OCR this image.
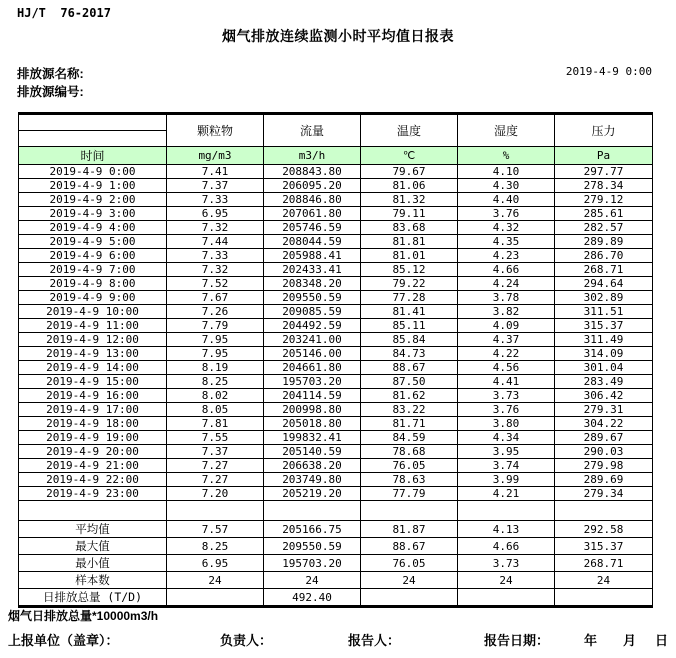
HJ/T  76-2017
烟气排放连续监测小时平均值日报表
排放源名称:
排放源编号:
2019-4-9 0:00
	颗粒物	流量	温度	湿度	压力

时间	mg/m3	m3/h	℃	%	Pa
2019-4-9 0:00	7.41	208843.80	79.67	4.10	297.77
2019-4-9 1:00	7.37	206095.20	81.06	4.30	278.34
2019-4-9 2:00	7.33	208846.80	81.32	4.40	279.12
2019-4-9 3:00	6.95	207061.80	79.11	3.76	285.61
2019-4-9 4:00	7.32	205746.59	83.68	4.32	282.57
2019-4-9 5:00	7.44	208044.59	81.81	4.35	289.89
2019-4-9 6:00	7.33	205988.41	81.01	4.23	286.70
2019-4-9 7:00	7.32	202433.41	85.12	4.66	268.71
2019-4-9 8:00	7.52	208348.20	79.22	4.24	294.64
2019-4-9 9:00	7.67	209550.59	77.28	3.78	302.89
2019-4-9 10:00	7.26	209085.59	81.41	3.82	311.51
2019-4-9 11:00	7.79	204492.59	85.11	4.09	315.37
2019-4-9 12:00	7.95	203241.00	85.84	4.37	311.49
2019-4-9 13:00	7.95	205146.00	84.73	4.22	314.09
2019-4-9 14:00	8.19	204661.80	88.67	4.56	301.04
2019-4-9 15:00	8.25	195703.20	87.50	4.41	283.49
2019-4-9 16:00	8.02	204114.59	81.62	3.73	306.42
2019-4-9 17:00	8.05	200998.80	83.22	3.76	279.31
2019-4-9 18:00	7.81	205018.80	81.71	3.80	304.22
2019-4-9 19:00	7.55	199832.41	84.59	4.34	289.67
2019-4-9 20:00	7.37	205140.59	78.68	3.95	290.03
2019-4-9 21:00	7.27	206638.20	76.05	3.74	279.98
2019-4-9 22:00	7.27	203749.80	78.63	3.99	289.69
2019-4-9 23:00	7.20	205219.20	77.79	4.21	279.34

平均值	7.57	205166.75	81.87	4.13	292.58
最大值	8.25	209550.59	88.67	4.66	315.37
最小值	6.95	195703.20	76.05	3.73	268.71
样本数	24	24	24	24	24
日排放总量 (T/D)		492.40			
烟气日排放总量*10000m3/h
上报单位（盖章）：	负责人：	报告人：	报告日期：	年 月 日
